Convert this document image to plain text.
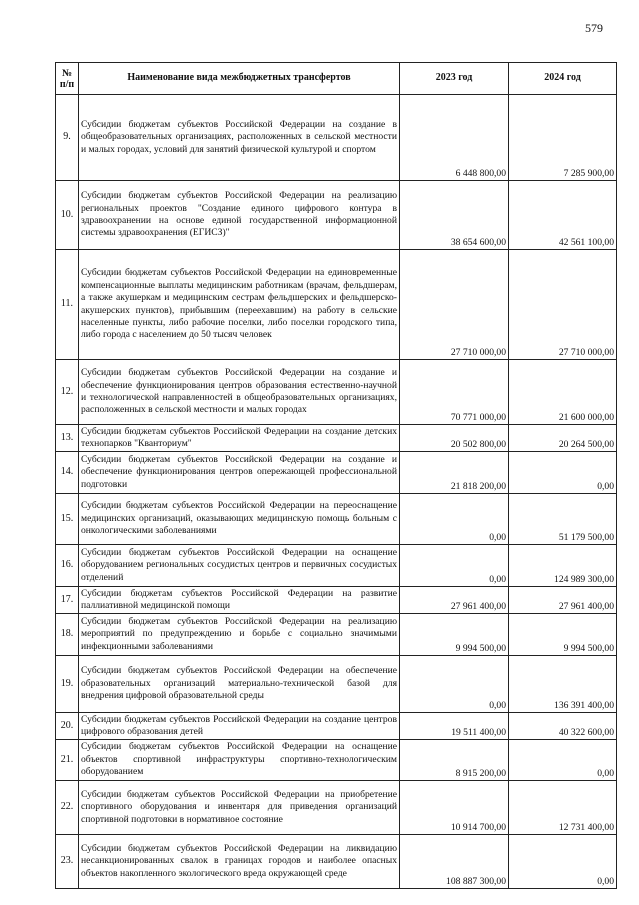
579
№ п/п	Наименование вида межбюджетных трансфертов	2023 год	2024 год
9.	Субсидии бюджетам субъектов Российской Федерации на создание в общеобразовательных организациях, расположенных в сельской местности и малых городах, условий для занятий физической культурой и спортом	6 448 800,00	7 285 900,00
10.	Субсидии бюджетам субъектов Российской Федерации на реализацию региональных проектов "Создание единого цифрового контура в здравоохранении на основе единой государственной информационной системы здравоохранения (ЕГИСЗ)"	38 654 600,00	42 561 100,00
11.	Субсидии бюджетам субъектов Российской Федерации на единовременные компенсационные выплаты медицинским работникам (врачам, фельдшерам, а также акушеркам и медицинским сестрам фельдшерских и фельдшерско-акушерских пунктов), прибывшим (переехавшим) на работу в сельские населенные пункты, либо рабочие поселки, либо поселки городского типа, либо города с населением до 50 тысяч человек	27 710 000,00	27 710 000,00
12.	Субсидии бюджетам субъектов Российской Федерации на создание и обеспечение функционирования центров образования естественно-научной и технологической направленностей в общеобразовательных организациях, расположенных в сельской местности и малых городах	70 771 000,00	21 600 000,00
13.	Субсидии бюджетам субъектов Российской Федерации на создание детских технопарков "Кванториум"	20 502 800,00	20 264 500,00
14.	Субсидии бюджетам субъектов Российской Федерации на создание и обеспечение функционирования центров опережающей профессиональной подготовки	21 818 200,00	0,00
15.	Субсидии бюджетам субъектов Российской Федерации на переоснащение медицинских организаций, оказывающих медицинскую помощь больным с онкологическими заболеваниями	0,00	51 179 500,00
16.	Субсидии бюджетам субъектов Российской Федерации на оснащение оборудованием региональных сосудистых центров и первичных сосудистых отделений	0,00	124 989 300,00
17.	Субсидии бюджетам субъектов Российской Федерации на развитие паллиативной медицинской помощи	27 961 400,00	27 961 400,00
18.	Субсидии бюджетам субъектов Российской Федерации на реализацию мероприятий по предупреждению и борьбе с социально значимыми инфекционными заболеваниями	9 994 500,00	9 994 500,00
19.	Субсидии бюджетам субъектов Российской Федерации на обеспечение образовательных организаций материально-технической базой для внедрения цифровой образовательной среды	0,00	136 391 400,00
20.	Субсидии бюджетам субъектов Российской Федерации на создание центров цифрового образования детей	19 511 400,00	40 322 600,00
21.	Субсидии бюджетам субъектов Российской Федерации на оснащение объектов спортивной инфраструктуры спортивно-технологическим оборудованием	8 915 200,00	0,00
22.	Субсидии бюджетам субъектов Российской Федерации на приобретение спортивного оборудования и инвентаря для приведения организаций спортивной подготовки в нормативное состояние	10 914 700,00	12 731 400,00
23.	Субсидии бюджетам субъектов Российской Федерации на ликвидацию несанкционированных свалок в границах городов и наиболее опасных объектов накопленного экологического вреда окружающей среде	108 887 300,00	0,00
